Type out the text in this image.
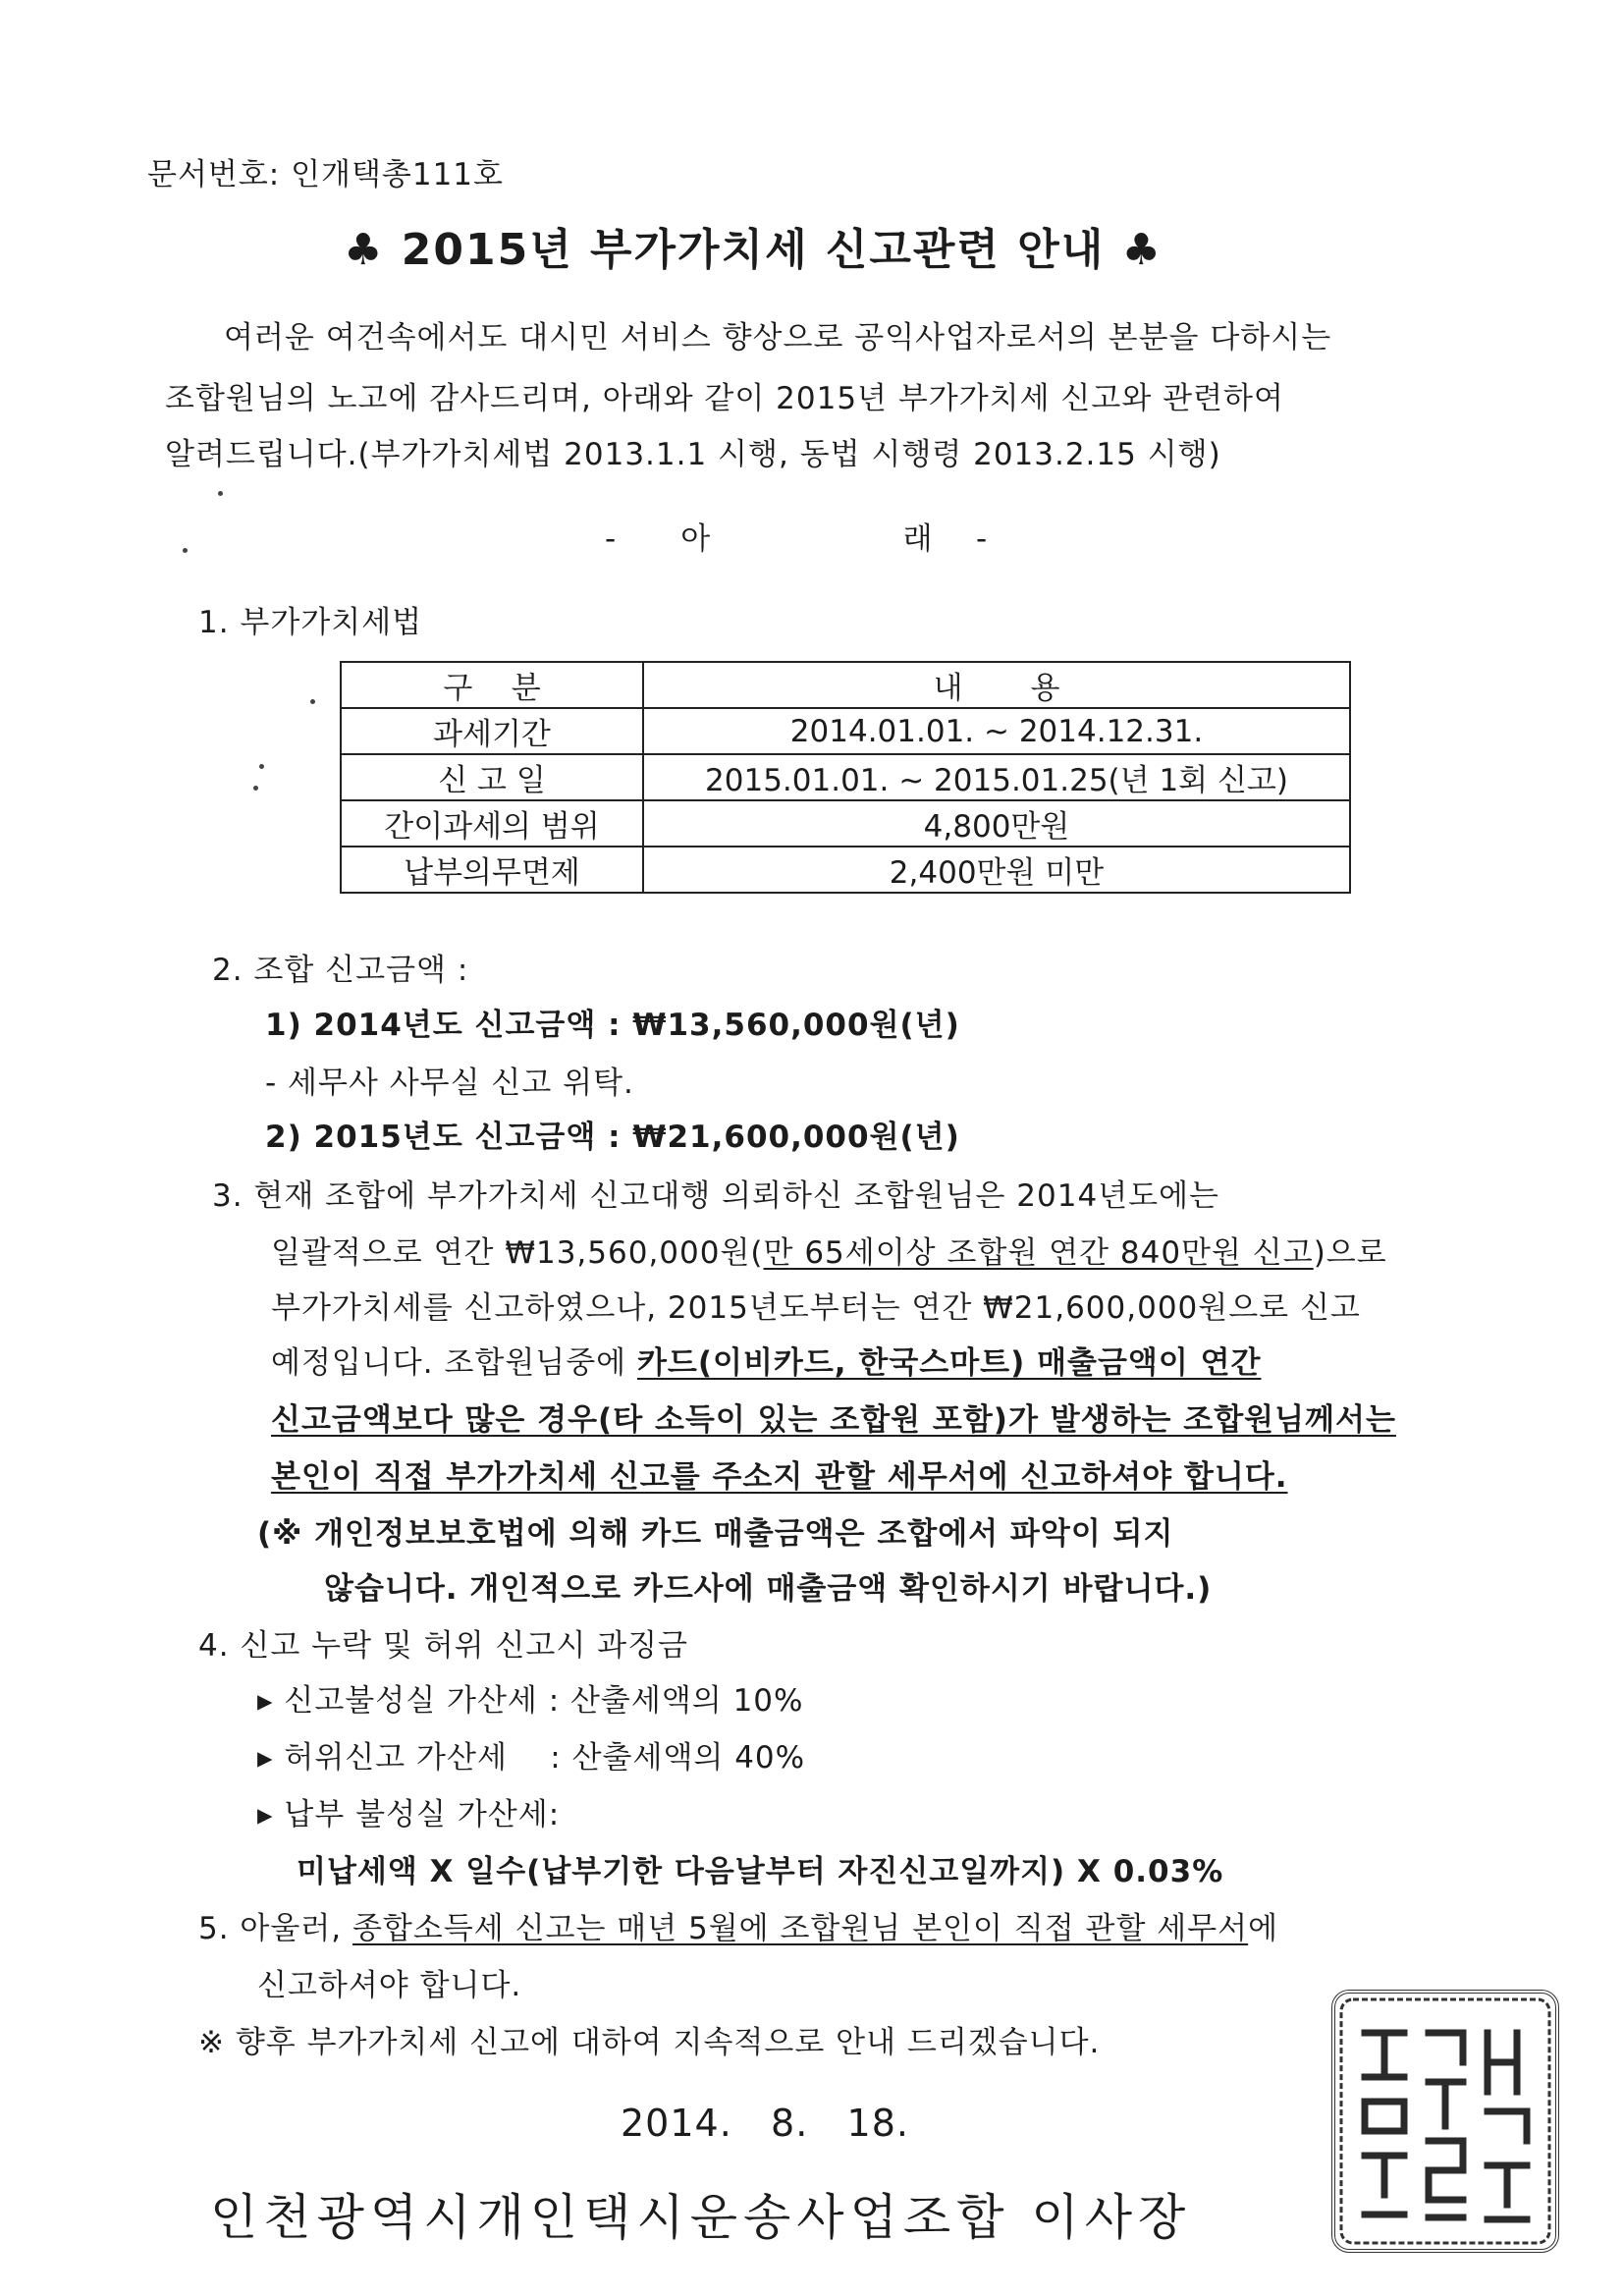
문서번호: 인개택총111호
♣ 2015년 부가가치세 신고관련 안내 ♣
여러운 여건속에서도 대시민 서비스 향상으로 공익사업자로서의 본분을 다하시는
조합원님의 노고에 감사드리며, 아래와 같이 2015년 부가가치세 신고와 관련하여
알려드립니다.(부가가치세법 2013.1.1 시행, 동법 시행령 2013.2.15 시행)
-      아                  래    -
1. 부가가치세법
구    분	내       용
과세기간	2014.01.01. ~ 2014.12.31.
신 고 일	2015.01.01. ~ 2015.01.25(년 1회 신고)
간이과세의 범위	4,800만원
납부의무면제	2,400만원 미만
2. 조합 신고금액 :
1) 2014년도 신고금액 : ₩13,560,000원(년)
- 세무사 사무실 신고 위탁.
2) 2015년도 신고금액 : ₩21,600,000원(년)
3. 현재 조합에 부가가치세 신고대행 의뢰하신 조합원님은 2014년도에는
일괄적으로 연간 ₩13,560,000원(만 65세이상 조합원 연간 840만원 신고)으로
부가가치세를 신고하였으나, 2015년도부터는 연간 ₩21,600,000원으로 신고
예정입니다. 조합원님중에 카드(이비카드, 한국스마트) 매출금액이 연간
신고금액보다 많은 경우(타 소득이 있는 조합원 포함)가 발생하는 조합원님께서는
본인이 직접 부가가치세 신고를 주소지 관할 세무서에 신고하셔야 합니다.
(※ 개인정보보호법에 의해 카드 매출금액은 조합에서 파악이 되지
않습니다. 개인적으로 카드사에 매출금액 확인하시기 바랍니다.)
4. 신고 누락 및 허위 신고시 과징금
▸ 신고불성실 가산세 : 산출세액의 10%
▸ 허위신고 가산세    : 산출세액의 40%
▸ 납부 불성실 가산세:
미납세액 X 일수(납부기한 다음날부터 자진신고일까지) X 0.03%
5. 아울러, 종합소득세 신고는 매년 5월에 조합원님 본인이 직접 관할 세무서에
신고하셔야 합니다.
※ 향후 부가가치세 신고에 대하여 지속적으로 안내 드리겠습니다.
2014.   8.   18.
인천광역시개인택시운송사업조합 이사장
